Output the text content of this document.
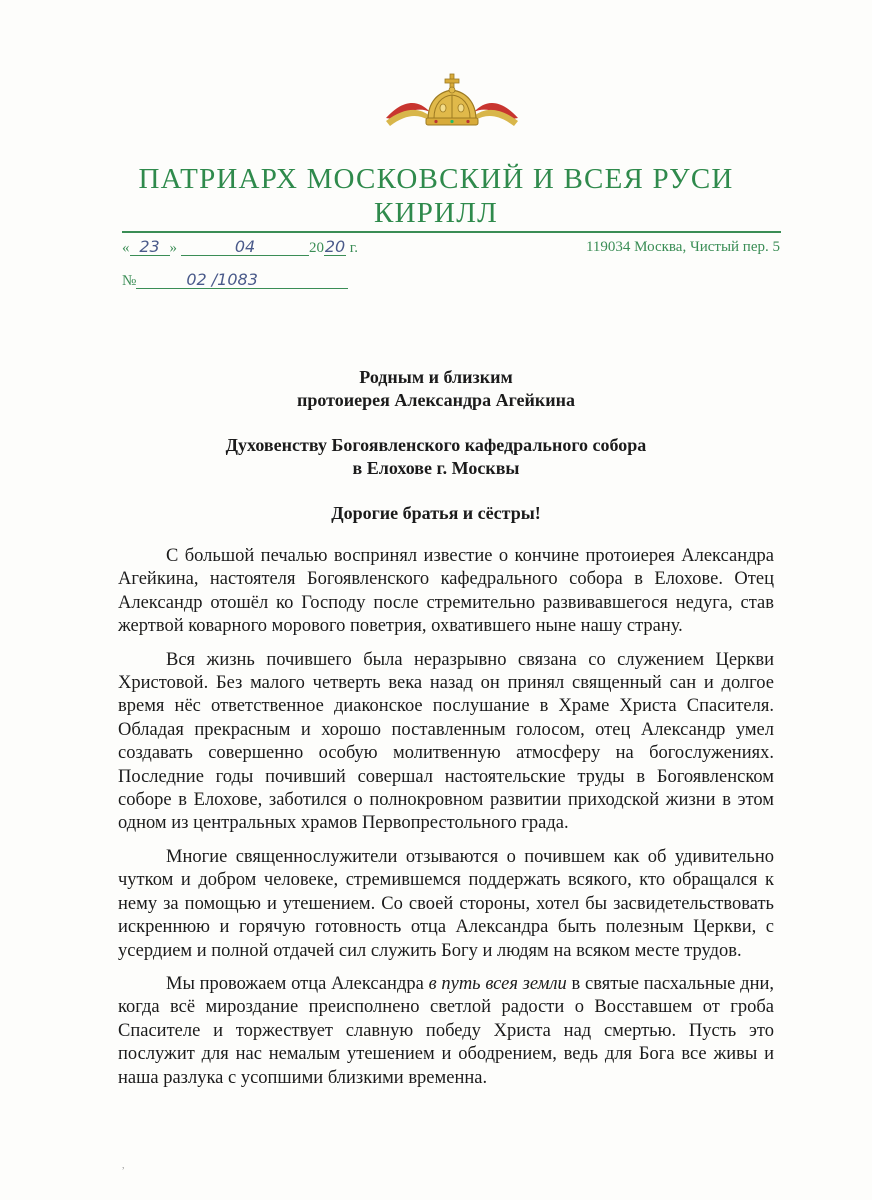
ПАТРИАРХ МОСКОВСКИЙ И ВСЕЯ РУСИ
КИРИЛЛ
« 23 »	04	2020 г.
№	02 /1083
119034 Москва, Чистый пер. 5
Родным и близким
протоиерея Александра Агейкина
Духовенству Богоявленского кафедрального собора
в Елохове г. Москвы
Дорогие братья и сёстры!

С большой печалью воспринял известие о кончине протоиерея Александра Агейкина, настоятеля Богоявленского кафедрального собора в Елохове. Отец Александр отошёл ко Господу после стремительно развивавшегося недуга, став жертвой коварного морового поветрия, охватившего ныне нашу страну.

Вся жизнь почившего была неразрывно связана со служением Церкви Христовой. Без малого четверть века назад он принял священный сан и долгое время нёс ответственное диаконское послушание в Храме Христа Спасителя. Обладая прекрасным и хорошо поставленным голосом, отец Александр умел создавать совершенно особую молитвенную атмосферу на богослужениях. Последние годы почивший совершал настоятельские труды в Богоявленском соборе в Елохове, заботился о полнокровном развитии приходской жизни в этом одном из центральных храмов Первопрестольного града.

Многие священнослужители отзываются о почившем как об удивительно чутком и добром человеке, стремившемся поддержать всякого, кто обращался к нему за помощью и утешением. Со своей стороны, хотел бы засвидетельствовать искреннюю и горячую готовность отца Александра быть полезным Церкви, с усердием и полной отдачей сил служить Богу и людям на всяком месте трудов.

Мы провожаем отца Александра в путь всея земли в святые пасхальные дни, когда всё мироздание преисполнено светлой радости о Восставшем от гроба Спасителе и торжествует славную победу Христа над смертью. Пусть это послужит для нас немалым утешением и ободрением, ведь для Бога все живы и наша разлука с усопшими близкими временна.

,
